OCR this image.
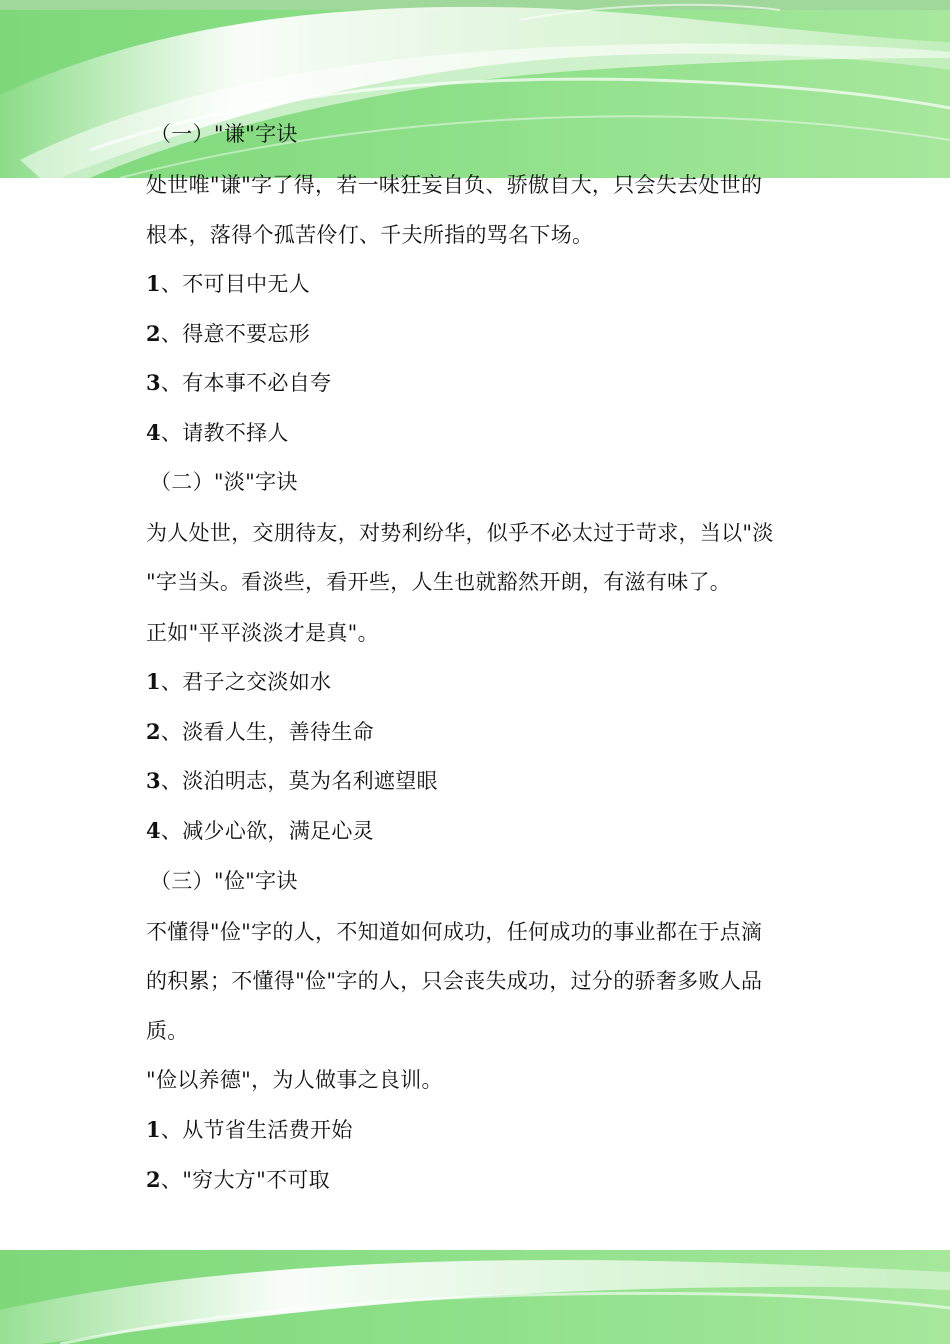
（一）"谦"字诀
处世唯"谦"字了得，若一味狂妄自负、骄傲自大，只会失去处世的
根本，落得个孤苦伶仃、千夫所指的骂名下场。
1、不可目中无人
2、得意不要忘形
3、有本事不必自夸
4、请教不择人
（二）"淡"字诀
为人处世，交朋待友，对势利纷华，似乎不必太过于苛求，当以"淡
"字当头。看淡些，看开些，人生也就豁然开朗，有滋有味了。
正如"平平淡淡才是真"。
1、君子之交淡如水
2、淡看人生，善待生命
3、淡泊明志，莫为名利遮望眼
4、减少心欲，满足心灵
（三）"俭"字诀
不懂得"俭"字的人，不知道如何成功，任何成功的事业都在于点滴
的积累；不懂得"俭"字的人，只会丧失成功，过分的骄奢多败人品
质。
"俭以养德"，为人做事之良训。
1、从节省生活费开始
2、"穷大方"不可取
